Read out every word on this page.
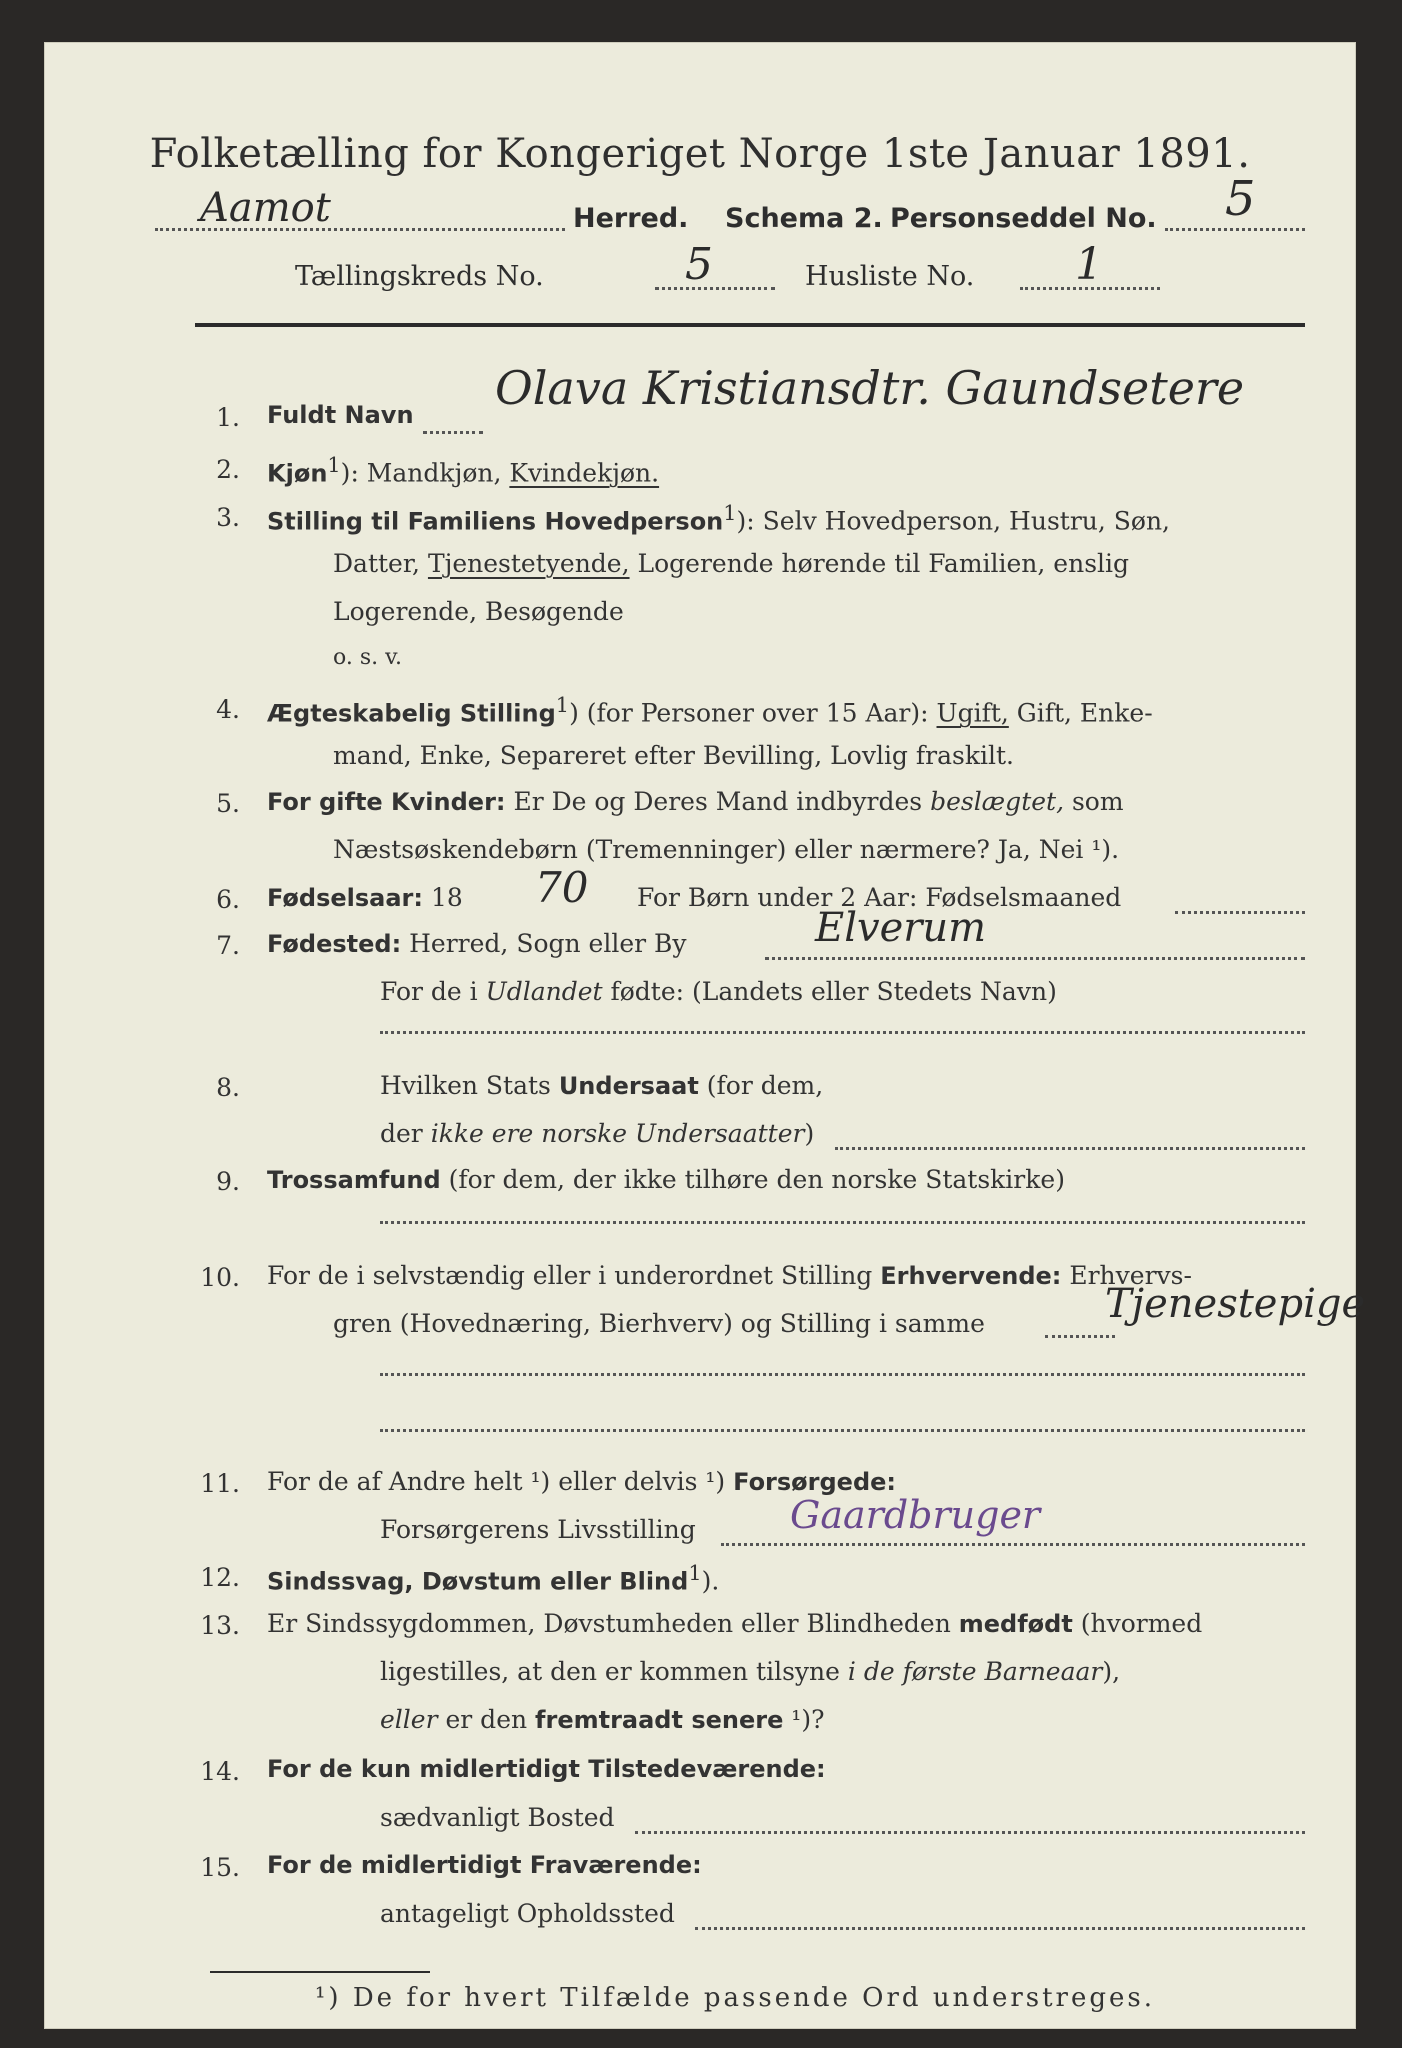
Folketælling for Kongeriget Norge 1ste Januar 1891.
Aamot	Herred. Schema 2. Personseddel No. 5
Tællingskreds No.	5	Husliste No. 1
1. Fuldt Navn Olava Kristiansdtr. Gaundsetere
2. Kjøn$^1$): Mandkjøn, Kvindekjøn.
3. Stilling til Familiens Hovedperson$^1$): Selv Hovedperson, Hustru, Søn,
Datter, Tjenestetyende, Logerende hørende til Familien, enslig
Logerende, Besøgende
o. s. v.
4. Ægteskabelig Stilling$^1$) (for Personer over 15 Aar): Ugift, Gift, Enke-
mand, Enke, Separeret efter Bevilling, Lovlig fraskilt.
5. For gifte Kvinder: Er De og Deres Mand indbyrdes beslægtet, som
Næstsøskendebørn (Tremenninger) eller nærmere? Ja, Nei ¹).
6. Fødselsaar: 18 70 For Børn under 2 Aar: Fødselsmaaned
7. Fødested: Herred, Sogn eller By	Elverum
For de i Udlandet fødte: (Landets eller Stedets Navn)
8.	Hvilken Stats Undersaat (for dem,
der ikke ere norske Undersaatter)
9. Trossamfund (for dem, der ikke tilhøre den norske Statskirke)
10. For de i selvstændig eller i underordnet Stilling Erhvervende: Erhvervs-
gren (Hovednæring, Bierhverv) og Stilling i samme	Tjenestepige
11. For de af Andre helt ¹) eller delvis ¹) Forsørgede:
Forsørgerens Livsstilling Gaardbruger
12. Sindssvag, Døvstum eller Blind$^1$).
13. Er Sindssygdommen, Døvstumheden eller Blindheden medfødt (hvormed
ligestilles, at den er kommen tilsyne i de første Barneaar),
eller er den fremtraadt senere ¹)?
14. For de kun midlertidigt Tilstedeværende:
sædvanligt Bosted
15. For de midlertidigt Fraværende:
antageligt Opholdssted
¹) De for hvert Tilfælde passende Ord understreges.
